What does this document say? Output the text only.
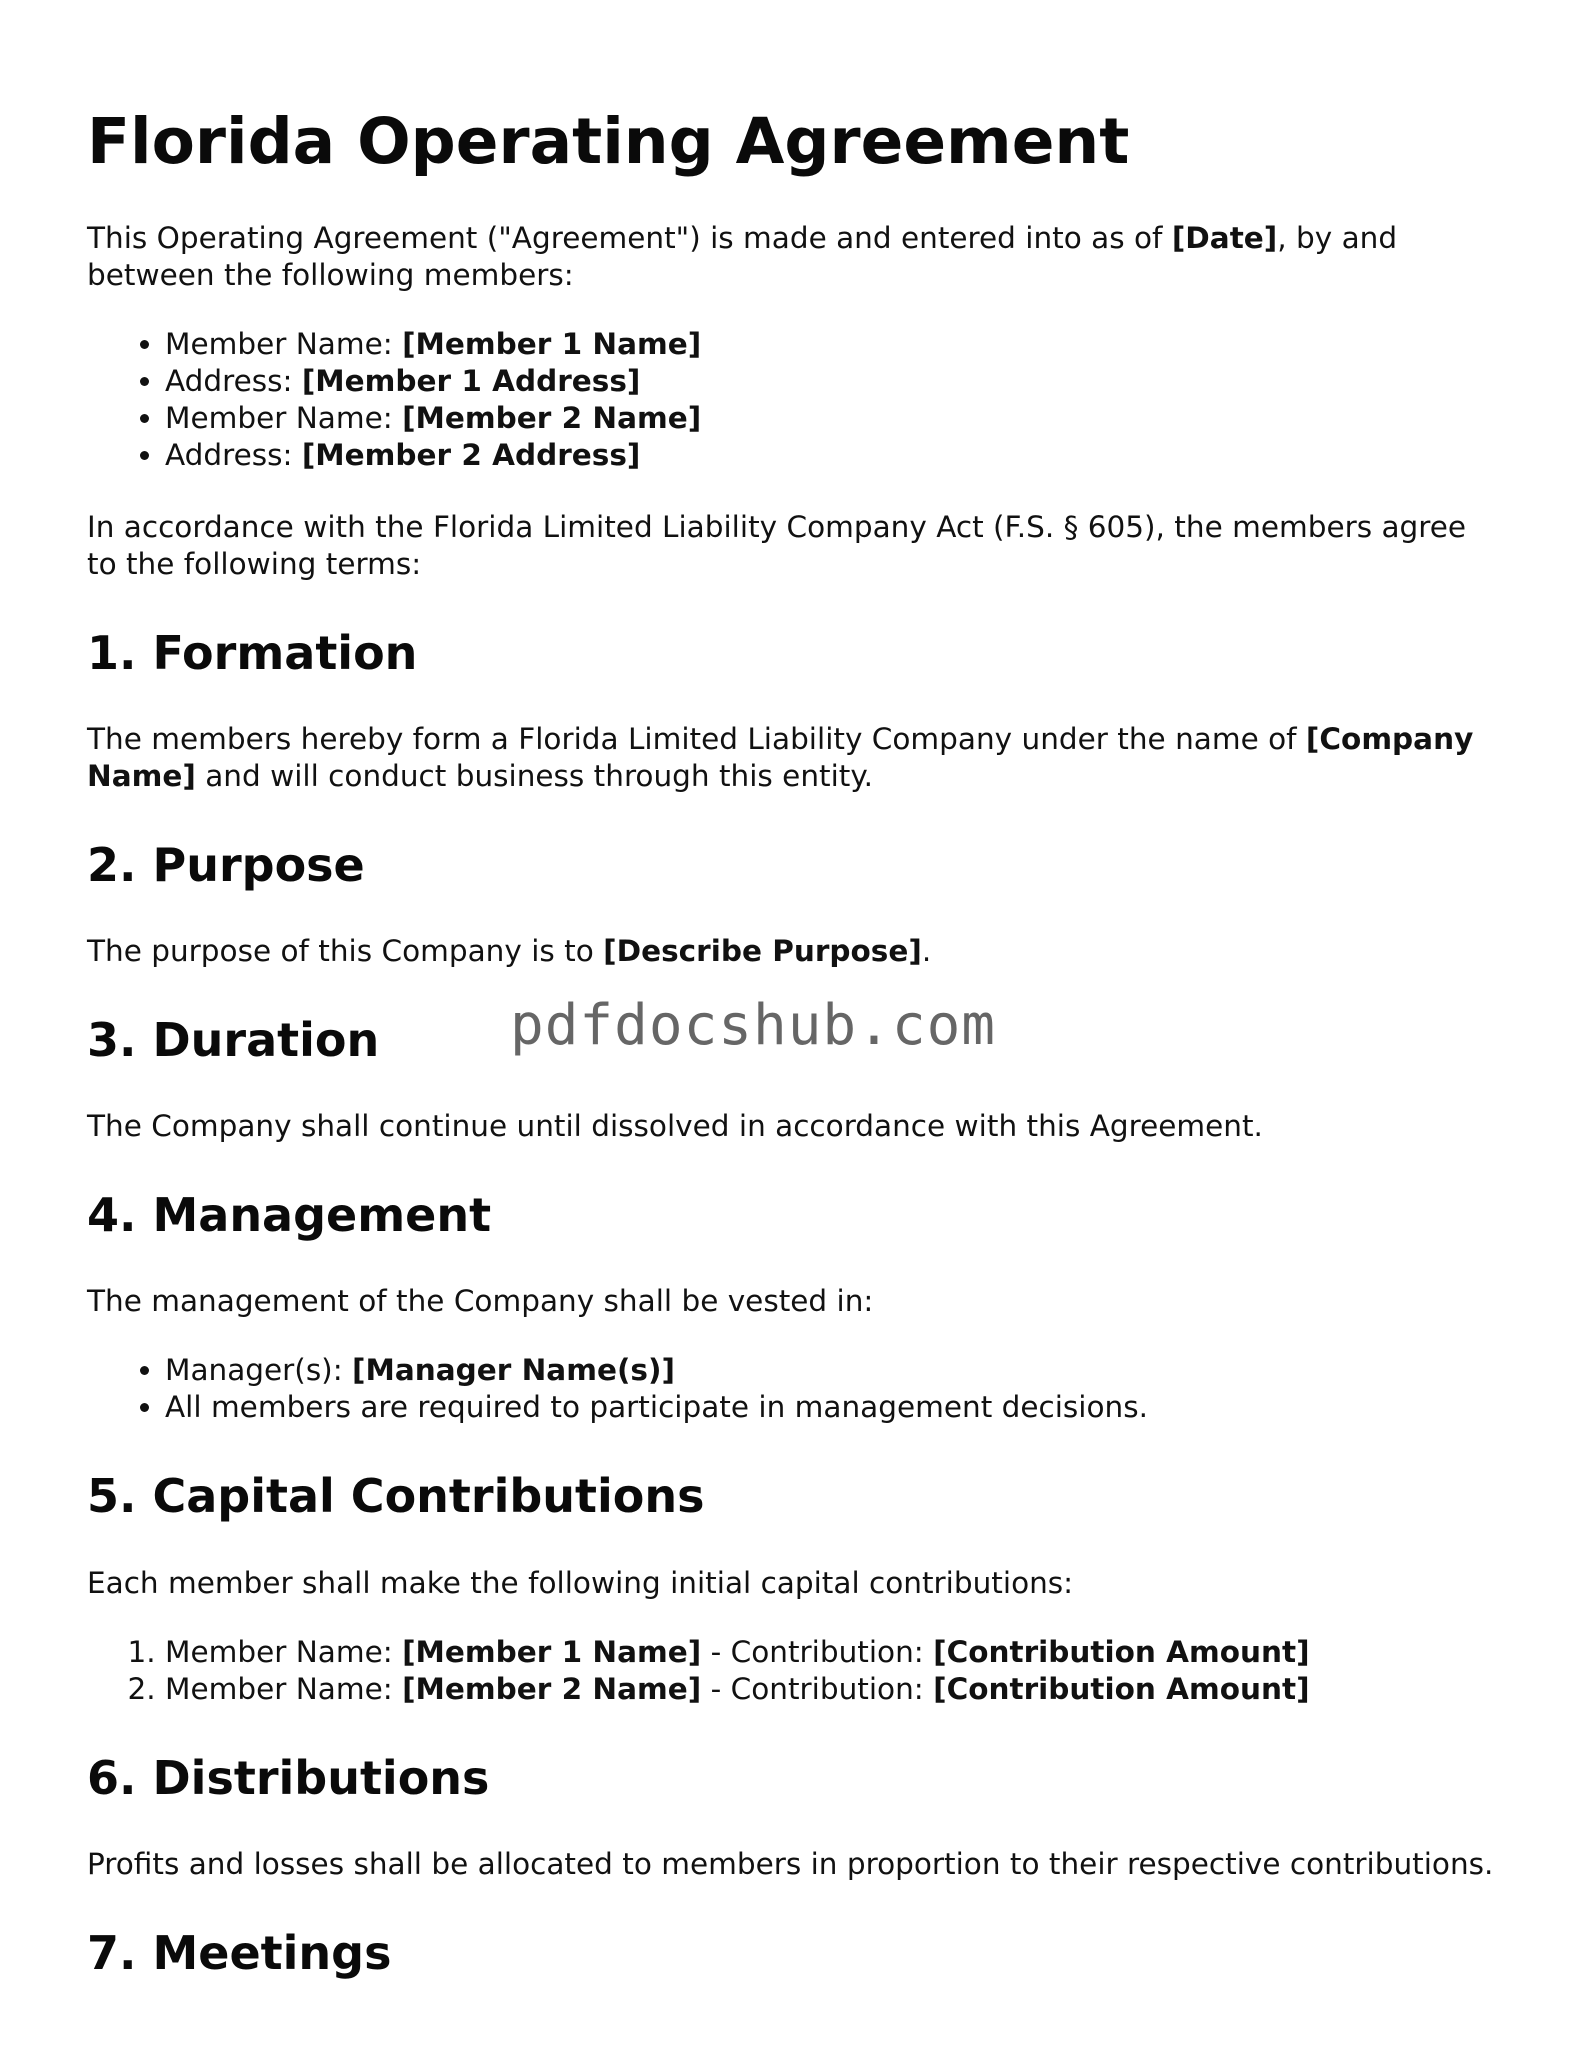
Florida Operating Agreement

This Operating Agreement ("Agreement") is made and entered into as of [Date], by and between the following members:

• Member Name: [Member 1 Name]
• Address: [Member 1 Address]
• Member Name: [Member 2 Name]
• Address: [Member 2 Address]

In accordance with the Florida Limited Liability Company Act (F.S. § 605), the members agree to the following terms:

1. Formation

The members hereby form a Florida Limited Liability Company under the name of [Company Name] and will conduct business through this entity.

2. Purpose

The purpose of this Company is to [Describe Purpose].

3. Duration

The Company shall continue until dissolved in accordance with this Agreement.

4. Management

The management of the Company shall be vested in:

• Manager(s): [Manager Name(s)]
• All members are required to participate in management decisions.
5. Capital Contributions

Each member shall make the following initial capital contributions:

1. Member Name: [Member 1 Name] - Contribution: [Contribution Amount]
2. Member Name: [Member 2 Name] - Contribution: [Contribution Amount]
6. Distributions

Profits and losses shall be allocated to members in proportion to their respective contributions.

7. Meetings
pdfdocshub.com
